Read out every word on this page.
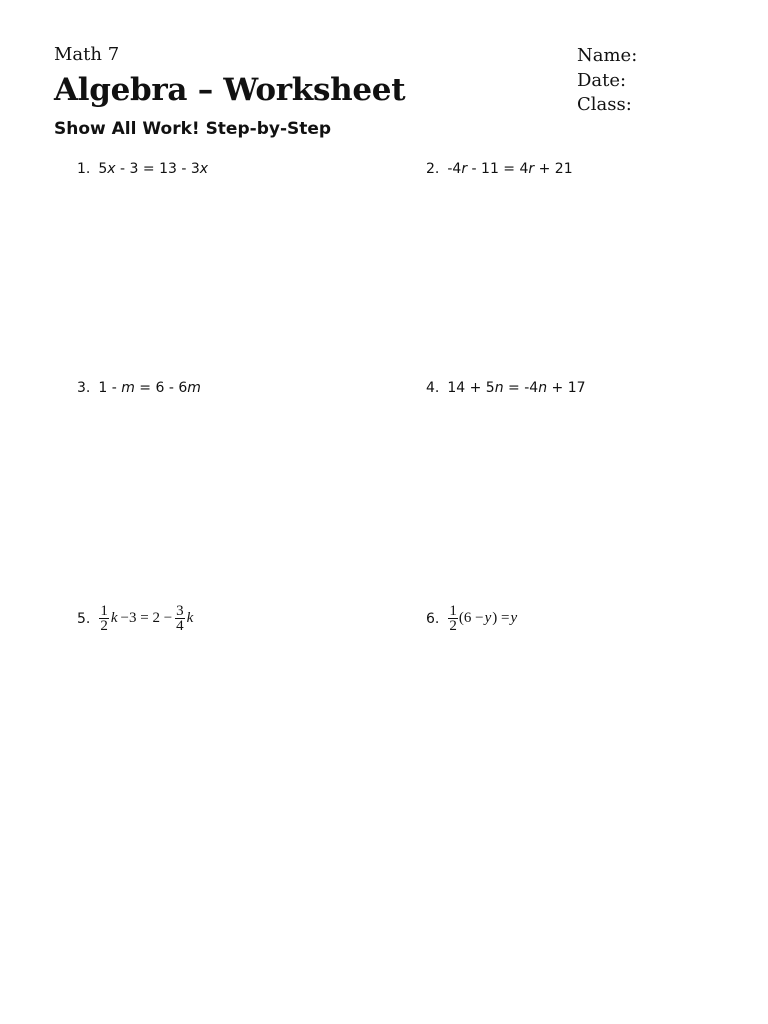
Math 7
Algebra – Worksheet
Show All Work! Step-by-Step
Name:
Date:
Class:
1. 5x - 3 = 13 - 3x	2. -4r - 11 = 4r + 21
3. 1 - m = 6 - 6m	4. 14 + 5n = -4n + 17
5. $\frac{1}{2}$ $k -3 = 2 - \frac{3}{4}$ k	6. $\frac{1}{2} (6 - y$ ) = y
